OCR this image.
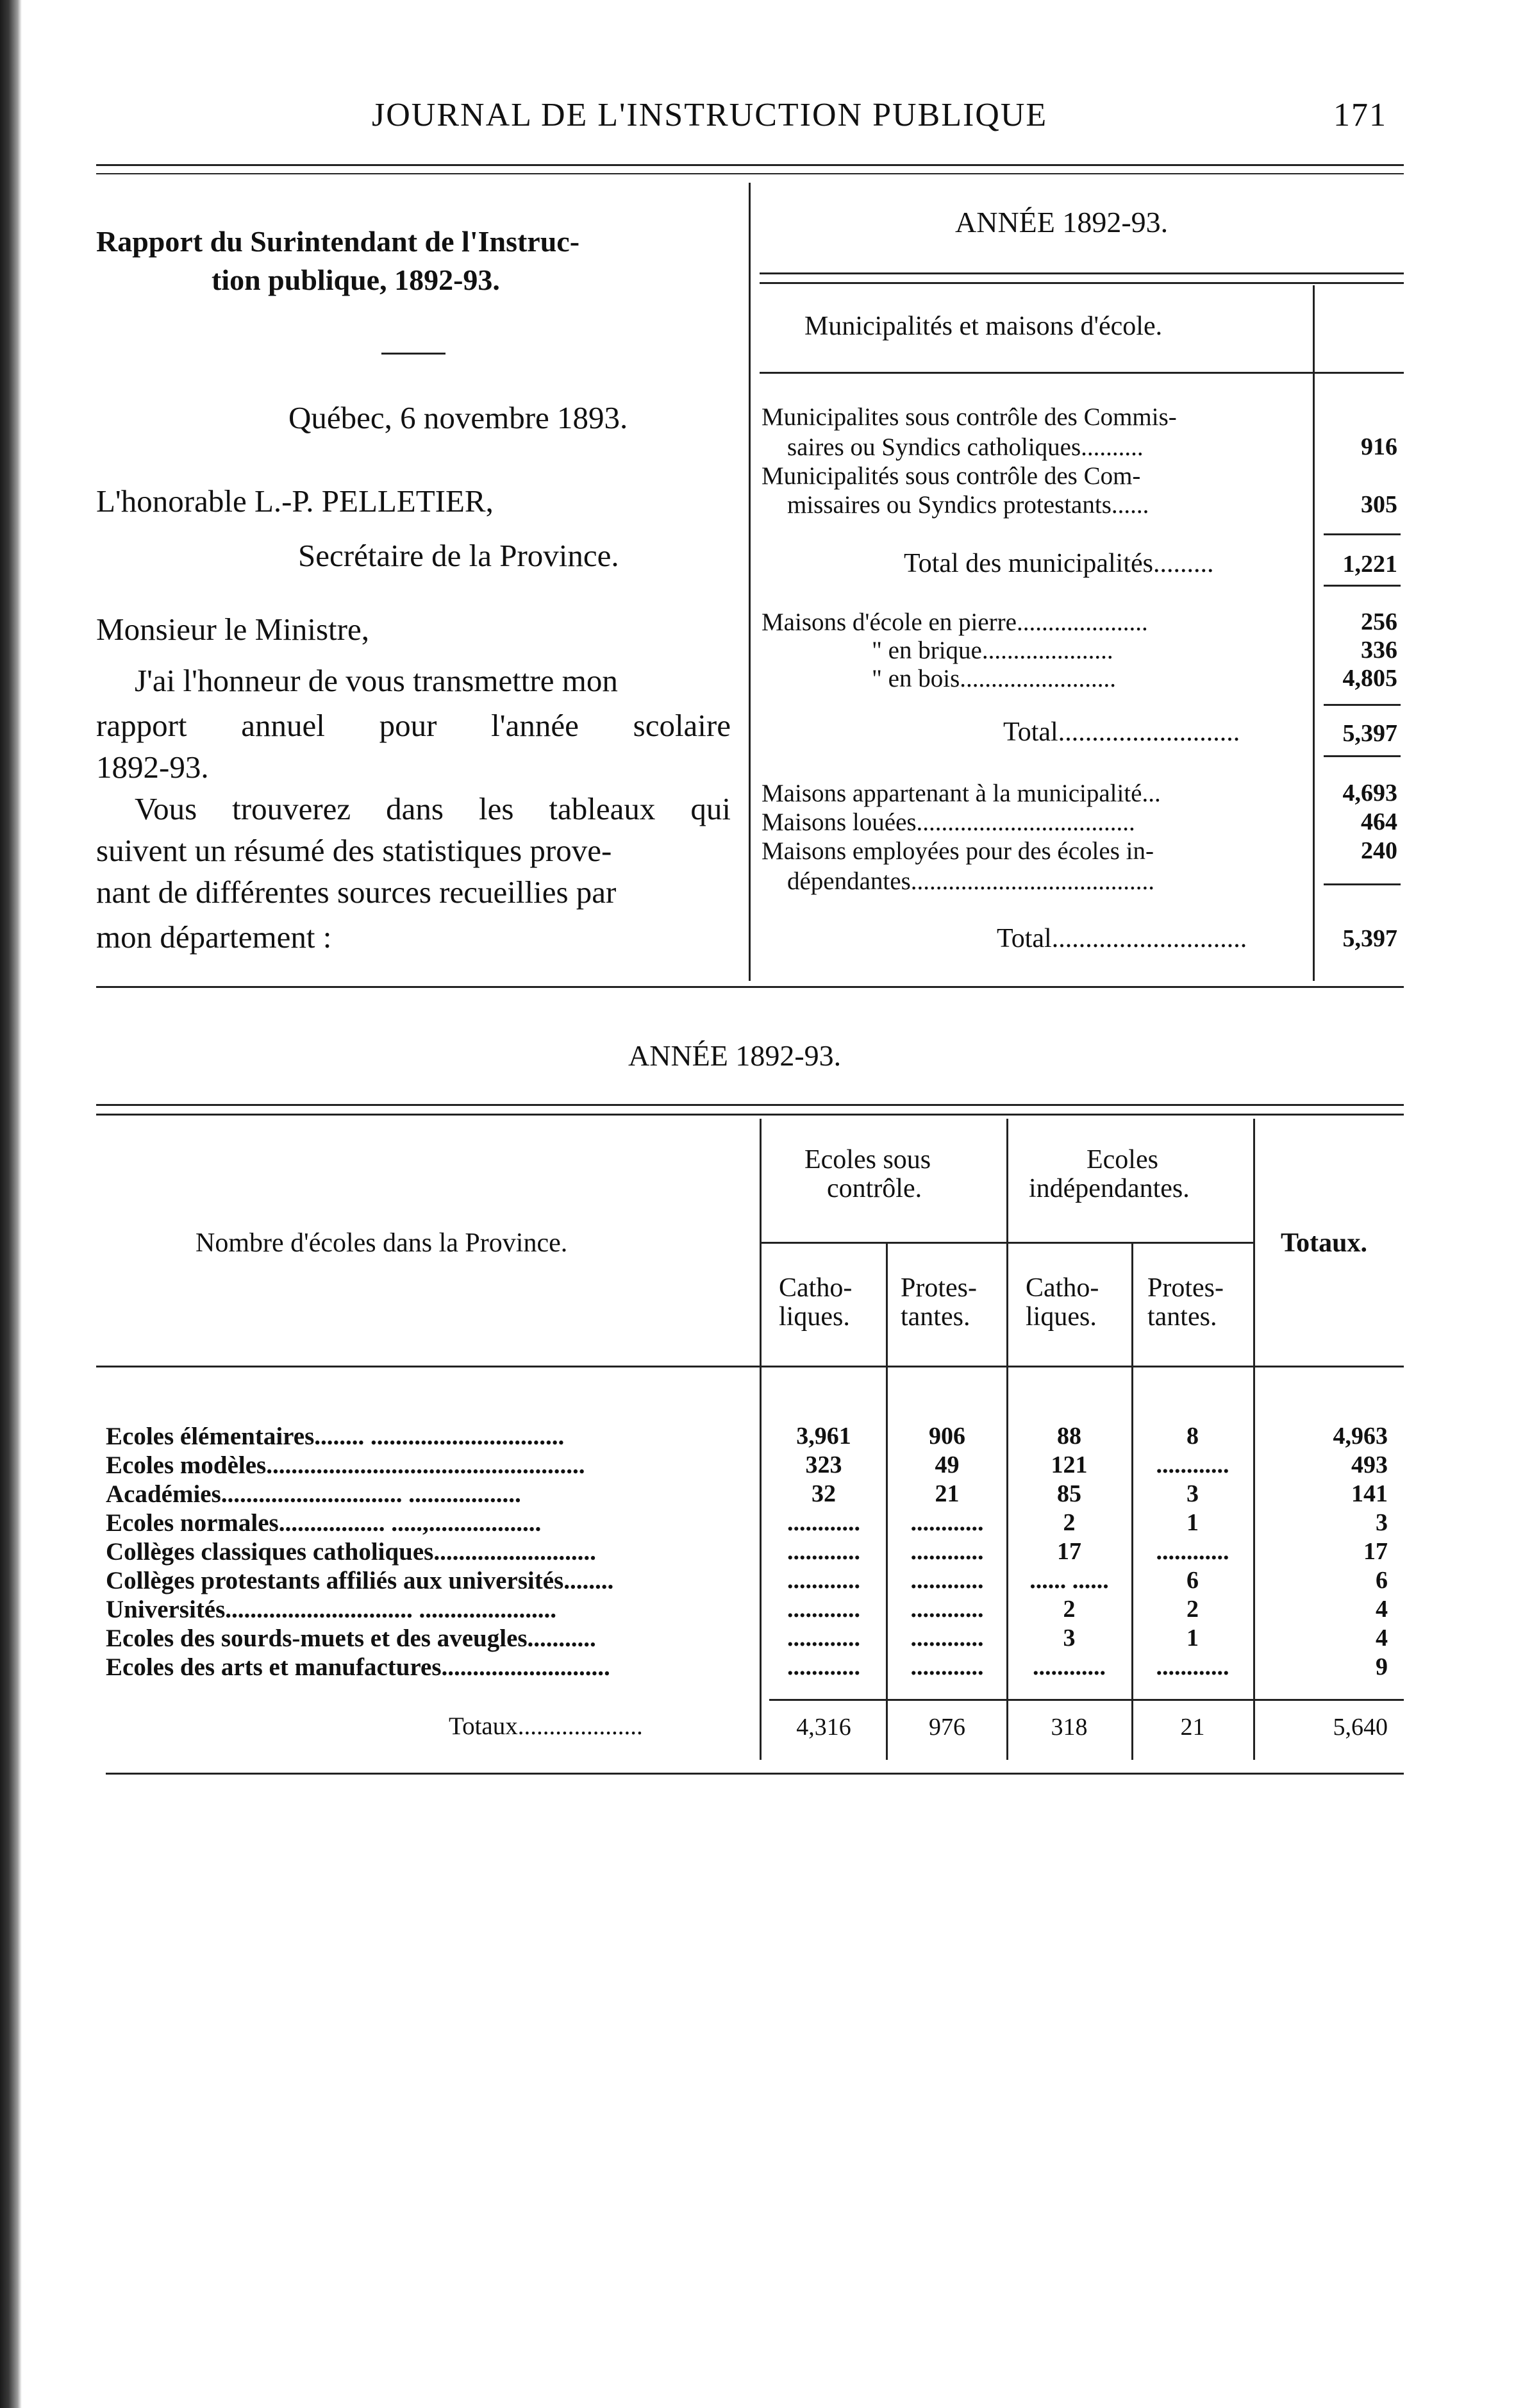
JOURNAL DE L'INSTRUCTION PUBLIQUE	171
Rapport du Surintendant de l'Instruc-
tion publique, 1892-93.
Québec, 6 novembre 1893.
L'honorable L.-P. PELLETIER,
Secrétaire de la Province.
Monsieur le Ministre,
J'ai l'honneur de vous transmettre mon
rapport annuel pour l'année scolaire
1892-93.
Vous trouverez dans les tableaux qui
suivent un résumé des statistiques prove-
nant de différentes sources recueillies par
mon département :
ANNÉE 1892-93.
Municipalités et maisons d'école.
Municipalites sous contrôle des Commis-
saires ou Syndics catholiques..........	916
Municipalités sous contrôle des Com-
missaires ou Syndics protestants......	305
Total des municipalités.........	1,221
Maisons d'école en pierre.....................	256
" en brique.....................	336
" en bois.........................	4,805
Total...........................	5,397
Maisons appartenant à la municipalité...	4,693
Maisons louées...................................	464
Maisons employées pour des écoles in-	240
dépendantes.......................................
Total.............................	5,397
ANNÉE 1892-93.
Nombre d'écoles dans la Province.
Ecoles sous
contrôle.
Ecoles
indépendantes.
Totaux.
Catho-
liques.
Protes-
tantes.
Catho-
liques.
Protes-
tantes.
Ecoles élémentaires........ ...............................	3,961	906	88	8	4,963
Ecoles modèles...................................................	323	49	121	............	493
Académies............................. ..................	32	21	85	3	141
Ecoles normales................. .....,..................	............	............	2	1	3
Collèges classiques catholiques..........................	............	............	17	............	17
Collèges protestants affiliés aux universités........	............	............	...... ......	6	6
Universités.............................. ......................	............	............	2	2	4
Ecoles des sourds-muets et des aveugles...........	............	............	3	1	4
Ecoles des arts et manufactures...........................	............	............	............	............	9
Totaux....................	4,316	976	318	21	5,640
